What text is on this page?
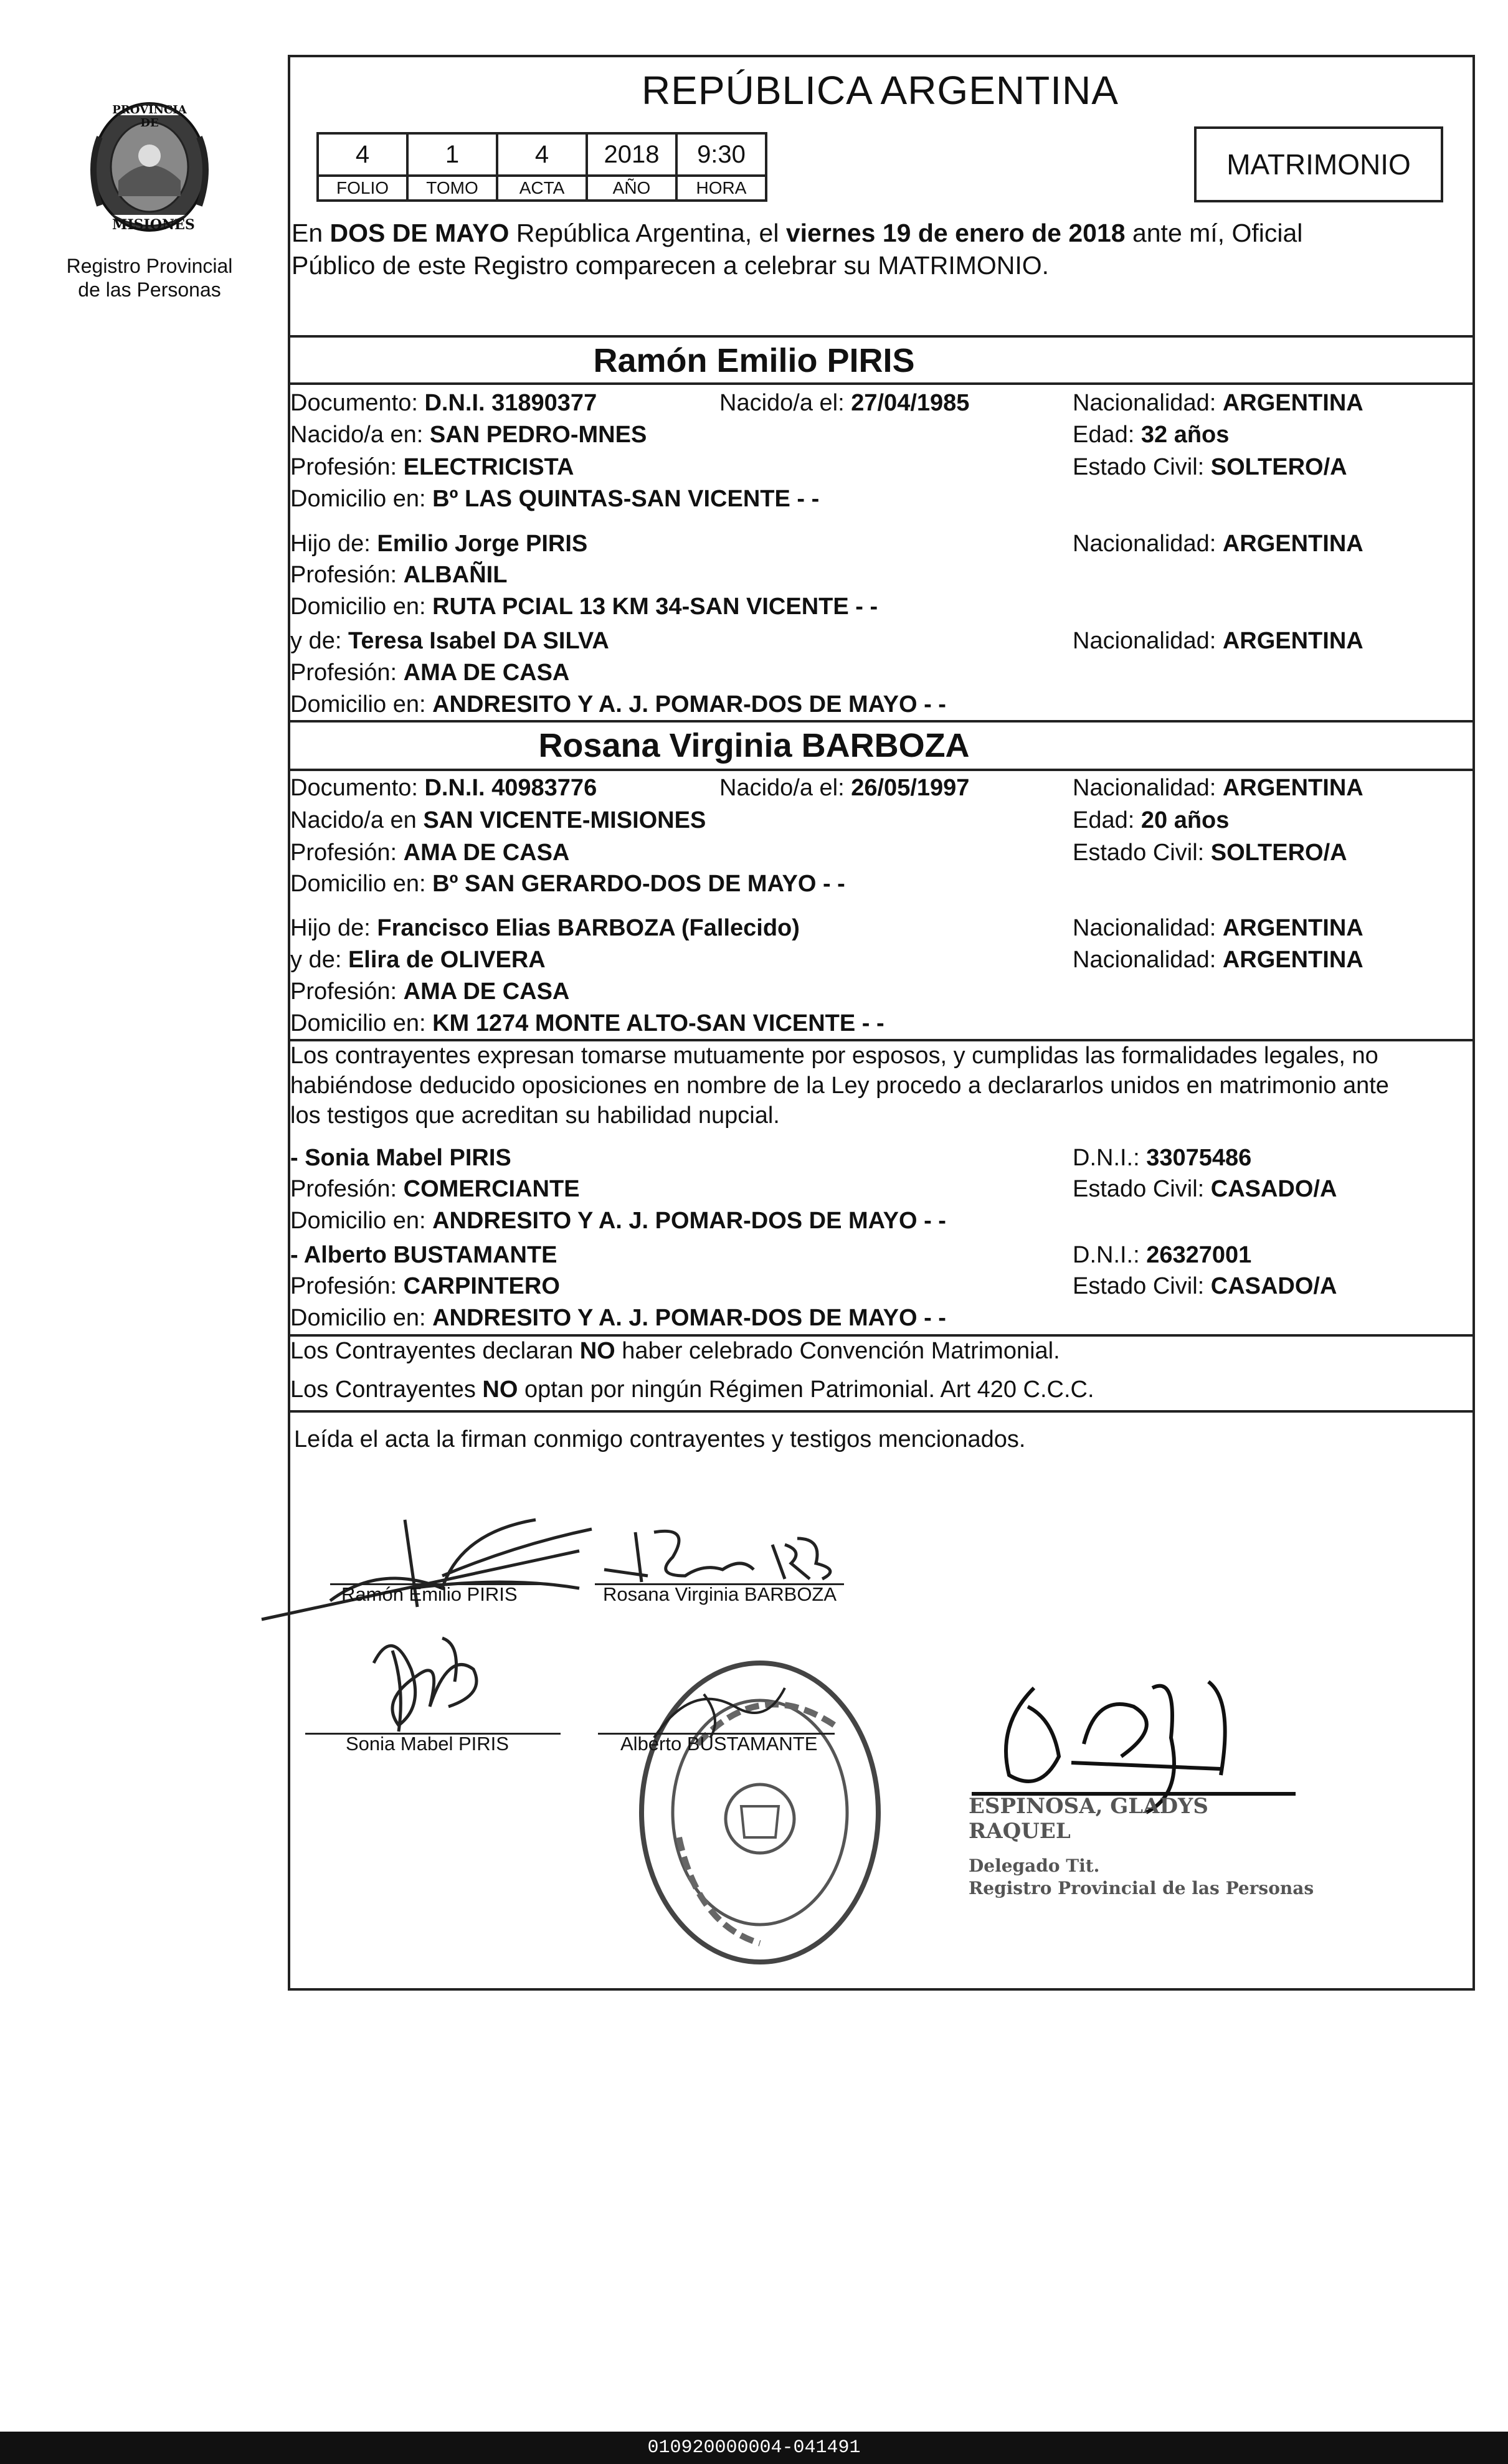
PROVINCIA DE
MISIONES
Registro Provincial de las Personas
REPÚBLICA ARGENTINA
4	1	4	2018	9:30
FOLIO	TOMO	ACTA	AÑO	HORA
MATRIMONIO
En DOS DE MAYO República Argentina, el viernes 19 de enero de 2018 ante mí, Oficial
Público de este Registro comparecen a celebrar su MATRIMONIO.
Ramón Emilio PIRIS
Documento: D.N.I. 31890377	Nacido/a el: 27/04/1985	Nacionalidad: ARGENTINA
Nacido/a en: SAN PEDRO-MNES	Edad: 32 años
Profesión: ELECTRICISTA	Estado Civil: SOLTERO/A
Domicilio en: Bº LAS QUINTAS-SAN VICENTE - -
Hijo de: Emilio Jorge PIRIS	Nacionalidad: ARGENTINA
Profesión: ALBAÑIL
Domicilio en: RUTA PCIAL 13 KM 34-SAN VICENTE - -
y de: Teresa Isabel DA SILVA	Nacionalidad: ARGENTINA
Profesión: AMA DE CASA
Domicilio en: ANDRESITO Y A. J. POMAR-DOS DE MAYO - -
Rosana Virginia BARBOZA
Documento: D.N.I. 40983776	Nacido/a el: 26/05/1997	Nacionalidad: ARGENTINA
Nacido/a en SAN VICENTE-MISIONES	Edad: 20 años
Profesión: AMA DE CASA	Estado Civil: SOLTERO/A
Domicilio en: Bº SAN GERARDO-DOS DE MAYO - -
Hijo de: Francisco Elias BARBOZA (Fallecido)	Nacionalidad: ARGENTINA
y de: Elira de OLIVERA	Nacionalidad: ARGENTINA
Profesión: AMA DE CASA
Domicilio en: KM 1274 MONTE ALTO-SAN VICENTE - -
Los contrayentes expresan tomarse mutuamente por esposos, y cumplidas las formalidades legales, no
habiéndose deducido oposiciones en nombre de la Ley procedo a declararlos unidos en matrimonio ante
los testigos que acreditan su habilidad nupcial.
- Sonia Mabel PIRIS	D.N.I.: 33075486
Profesión: COMERCIANTE	Estado Civil: CASADO/A
Domicilio en: ANDRESITO Y A. J. POMAR-DOS DE MAYO - -
- Alberto BUSTAMANTE	D.N.I.: 26327001
Profesión: CARPINTERO	Estado Civil: CASADO/A
Domicilio en: ANDRESITO Y A. J. POMAR-DOS DE MAYO - -
Los Contrayentes declaran NO haber celebrado Convención Matrimonial.
Los Contrayentes NO optan por ningún Régimen Patrimonial. Art 420 C.C.C.
Leída el acta la firman conmigo contrayentes y testigos mencionados.
Ramón Emilio PIRIS	Rosana Virginia BARBOZA
Sonia Mabel PIRIS	Alberto BUSTAMANTE
ESPINOSA, GLADYS RAQUEL
Delegado Tit.
Registro Provincial de las Personas
010920000004-041491
